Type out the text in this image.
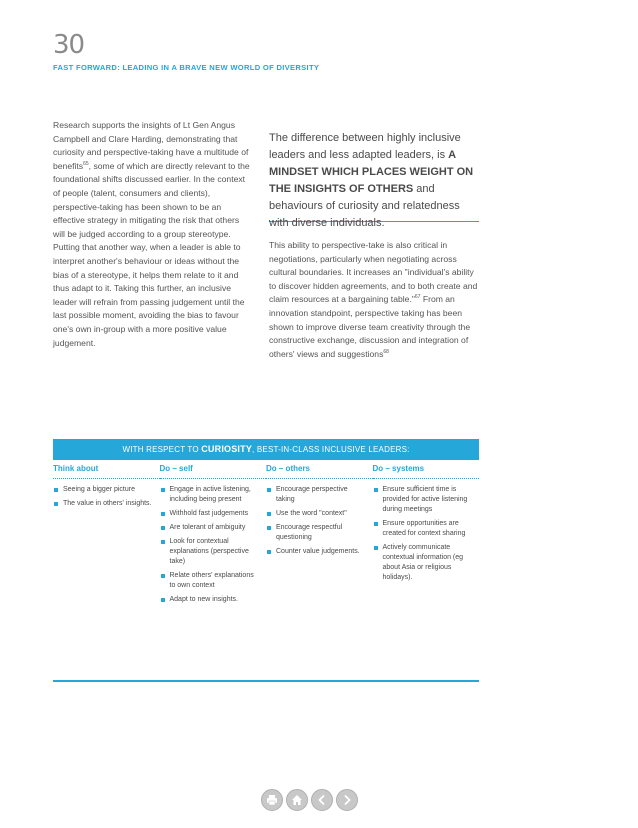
30
FAST FORWARD: LEADING IN A BRAVE NEW WORLD OF DIVERSITY

Research supports the insights of Lt Gen Angus Campbell and Clare Harding, demonstrating that curiosity and perspective-taking have a multitude of benefits$^{65}$, some of which are directly relevant to the foundational shifts discussed earlier. In the context of people (talent, consumers and clients), perspective-taking has been shown to be an effective strategy in mitigating the risk that others will be judged according to a group stereotype. Putting that another way, when a leader is able to interpret another's behaviour or ideas without the bias of a stereotype, it helps them relate to it and thus adapt to it. Taking this further, an inclusive leader will refrain from passing judgement until the last possible moment, avoiding the bias to favour one's own in-group with a more positive value judgement.

The difference between highly inclusive leaders and less adapted leaders, is A MINDSET WHICH PLACES WEIGHT ON THE INSIGHTS OF OTHERS and behaviours of curiosity and relatedness with diverse individuals.

This ability to perspective-take is also critical in negotiations, particularly when negotiating across cultural boundaries. It increases an "individual's ability to discover hidden agreements, and to both create and claim resources at a bargaining table."$^{67}$ From an innovation standpoint, perspective taking has been shown to improve diverse team creativity through the constructive exchange, discussion and integration of others' views and suggestions$^{68}$

WITH RESPECT TO CURIOSITY, BEST-IN-CLASS INCLUSIVE LEADERS:
Think about
Seeing a bigger picture
The value in others' insights.
Do – self
Engage in active listening, including being present
Withhold fast judgements
Are tolerant of ambiguity
Look for contextual explanations (perspective take)
Relate others' explanations to own context
Adapt to new insights.
Do – others
Encourage perspective taking
Use the word "context"
Encourage respectful questioning
Counter value judgements.
Do – systems
Ensure sufficient time is provided for active listening during meetings
Ensure opportunities are created for context sharing
Actively communicate contextual information (eg about Asia or religious holidays).
